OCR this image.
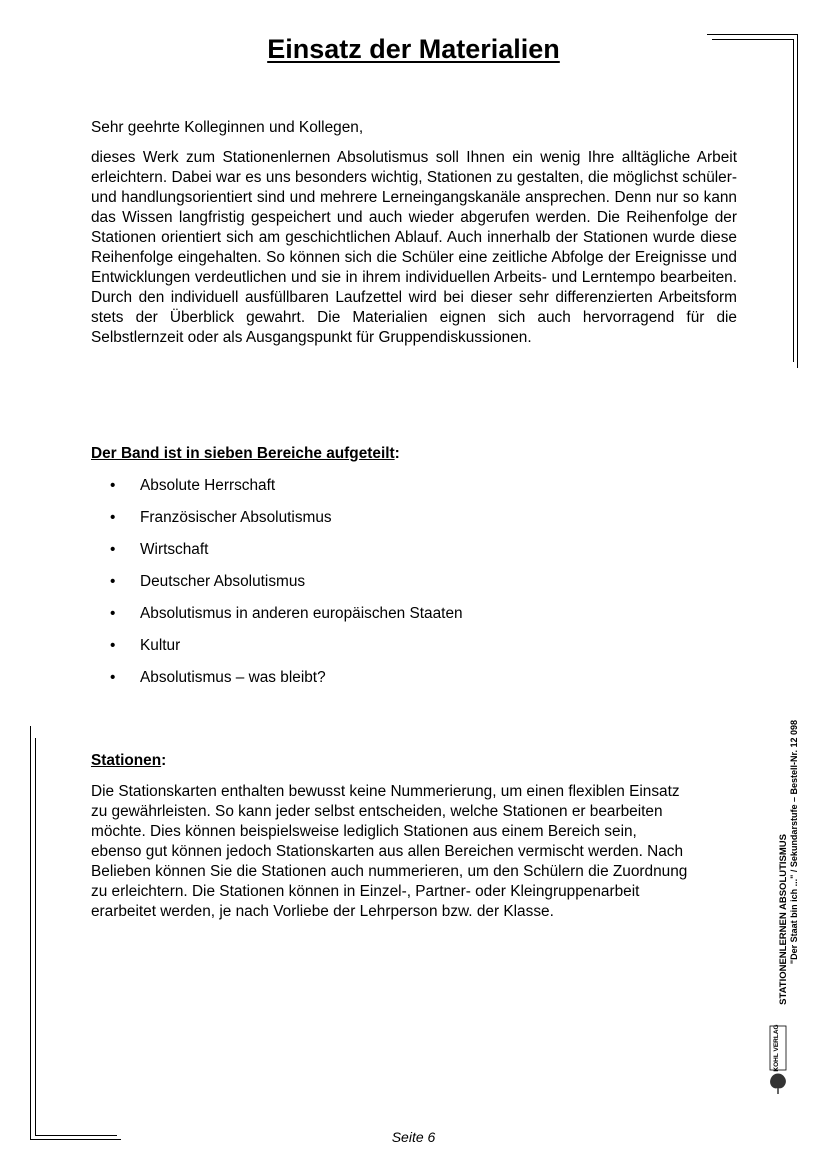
Einsatz der Materialien

Sehr geehrte Kolleginnen und Kollegen,

dieses Werk zum Stationenlernen Absolutismus soll Ihnen ein wenig Ihre alltägliche Arbeit erleichtern. Dabei war es uns besonders wichtig, Stationen zu gestalten, die möglichst schüler- und handlungsorientiert sind und mehrere Lerneingangskanäle ansprechen. Denn nur so kann das Wissen langfristig gespeichert und auch wieder abgerufen werden. Die Reihenfolge der Stationen orientiert sich am geschichtlichen Ablauf. Auch innerhalb der Stationen wurde diese Reihenfolge eingehalten. So können sich die Schüler eine zeitliche Abfolge der Ereignisse und Entwicklungen verdeutlichen und sie in ihrem individuellen Arbeits- und Lerntempo bearbeiten. Durch den individuell ausfüllbaren Laufzettel wird bei dieser sehr differenzierten Arbeitsform stets der Überblick gewahrt. Die Materialien eignen sich auch hervorragend für die Selbstlernzeit oder als Ausgangspunkt für Gruppendiskussionen.

Der Band ist in sieben Bereiche aufgeteilt:
• Absolute Herrschaft
• Französischer Absolutismus
• Wirtschaft
• Deutscher Absolutismus
• Absolutismus in anderen europäischen Staaten
• Kultur
• Absolutismus – was bleibt?
Stationen:
Die Stationskarten enthalten bewusst keine Nummerierung, um einen flexiblen Einsatz
zu gewährleisten. So kann jeder selbst entscheiden, welche Stationen er bearbeiten
möchte. Dies können beispielsweise lediglich Stationen aus einem Bereich sein,
ebenso gut können jedoch Stationskarten aus allen Bereichen vermischt werden. Nach
Belieben können Sie die Stationen auch nummerieren, um den Schülern die Zuordnung
zu erleichtern. Die Stationen können in Einzel-, Partner- oder Kleingruppenarbeit
erarbeitet werden, je nach Vorliebe der Lehrperson bzw. der Klasse.	STATIONENLERNEN ABSOLUTISMUS "Der Staat bin ich ..." / Sekundarstufe – Bestell-Nr. 12 098
KOHL VERLAG
Seite 6
